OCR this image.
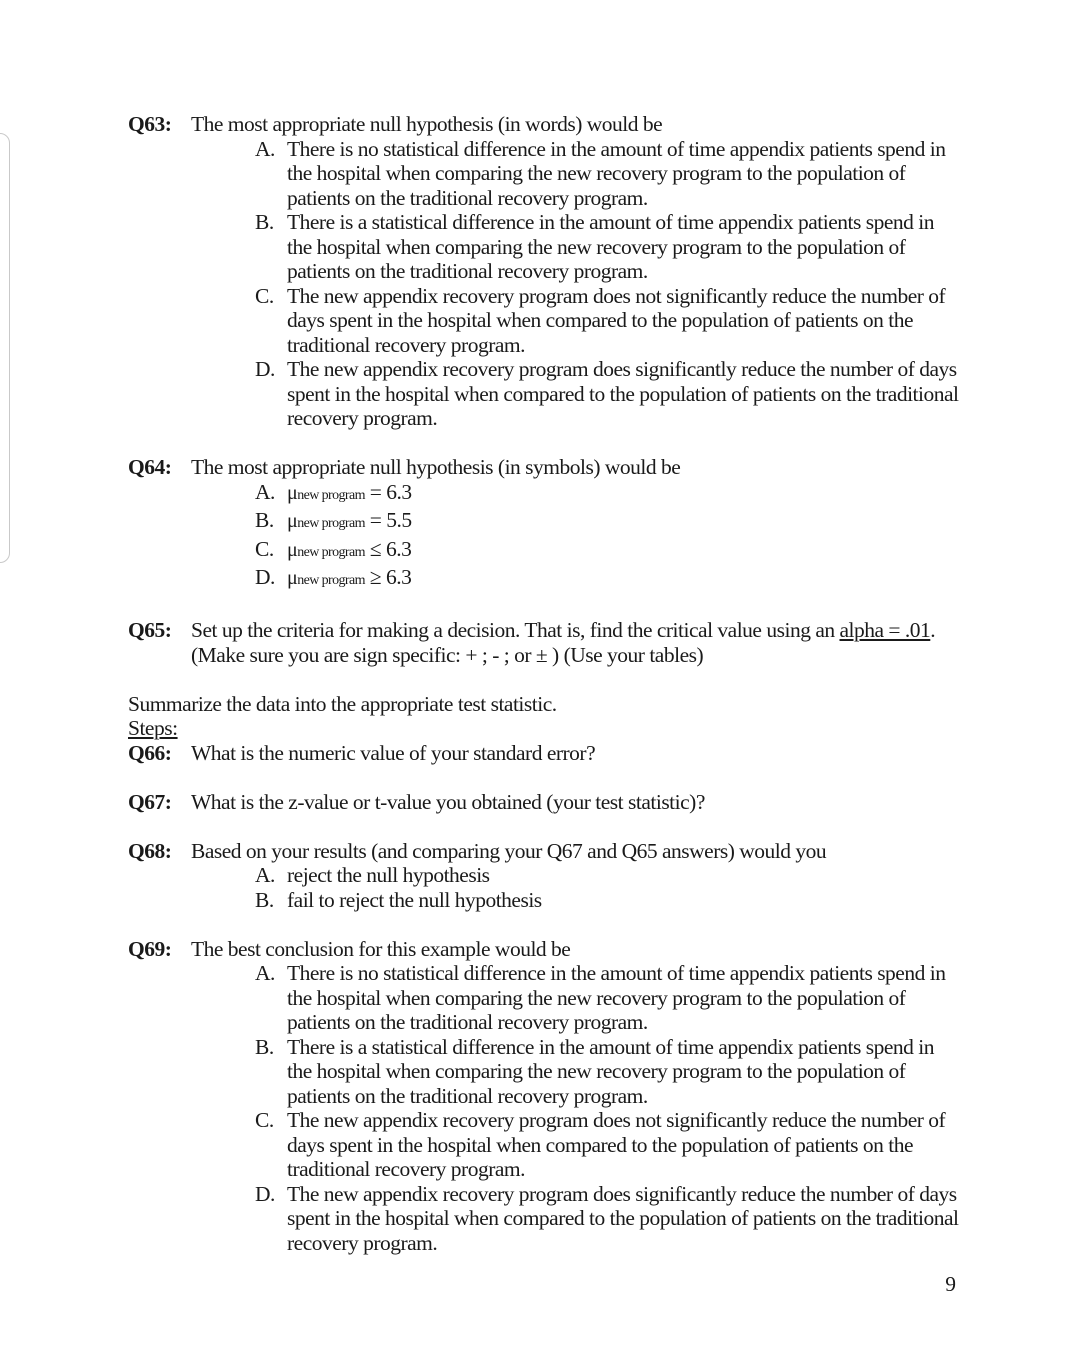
Q63: The most appropriate null hypothesis (in words) would be
A. There is no statistical difference in the amount of time appendix patients spend in the hospital when comparing the new recovery program to the population of patients on the traditional recovery program.
B. There is a statistical difference in the amount of time appendix patients spend in the hospital when comparing the new recovery program to the population of patients on the traditional recovery program.
C. The new appendix recovery program does not significantly reduce the number of days spent in the hospital when compared to the population of patients on the traditional recovery program.
D. The new appendix recovery program does significantly reduce the number of days spent in the hospital when compared to the population of patients on the traditional recovery program.
Q64: The most appropriate null hypothesis (in symbols) would be
A. μnew program = 6.3
B. μnew program = 5.5
C. μnew program ≤ 6.3
D. μnew program ≥ 6.3
Q65: Set up the criteria for making a decision. That is, find the critical value using an alpha = .01. (Make sure you are sign specific: + ; - ; or ± ) (Use your tables)
Summarize the data into the appropriate test statistic.
Steps:
Q66: What is the numeric value of your standard error?
Q67: What is the z-value or t-value you obtained (your test statistic)?
Q68: Based on your results (and comparing your Q67 and Q65 answers) would you
A. reject the null hypothesis
B. fail to reject the null hypothesis
Q69: The best conclusion for this example would be
A. There is no statistical difference in the amount of time appendix patients spend in the hospital when comparing the new recovery program to the population of patients on the traditional recovery program.
B. There is a statistical difference in the amount of time appendix patients spend in the hospital when comparing the new recovery program to the population of patients on the traditional recovery program.
C. The new appendix recovery program does not significantly reduce the number of days spent in the hospital when compared to the population of patients on the traditional recovery program.
D. The new appendix recovery program does significantly reduce the number of days spent in the hospital when compared to the population of patients on the traditional recovery program.
9
